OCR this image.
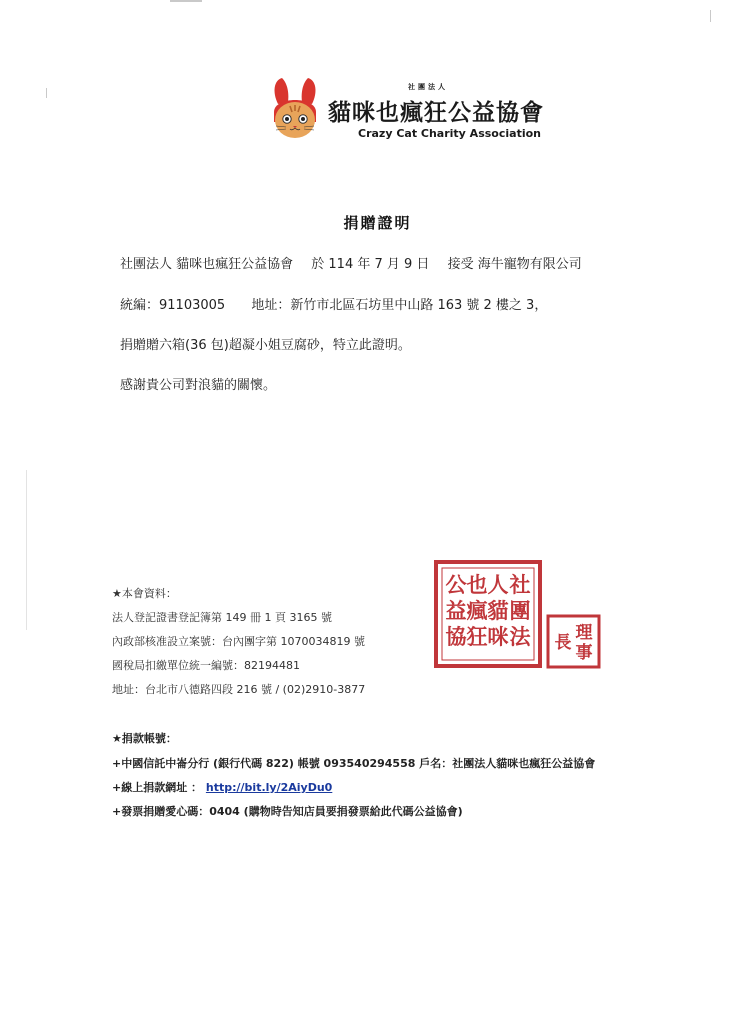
社團法人
貓咪也瘋狂公益協會
Crazy Cat Charity Association
捐贈證明
社團法人 貓咪也瘋狂公益協會 於 114 年 7 月 9 日 接受 海牛寵物有限公司
統編：91103005 地址：新竹市北區石坊里中山路 163 號 2 樓之 3，
捐贈贈六箱(36 包)超凝小姐豆腐砂，特立此證明。
感謝貴公司對浪貓的關懷。
★本會資料：
法人登記證書登記簿第 149 冊 1 頁 3165 號
內政部核准設立案號：台內團字第 1070034819 號
國稅局扣繳單位統一編號：82194481
地址：台北市八德路四段 216 號 / (02)2910-3877
★捐款帳號：
+中國信託中崙分行 (銀行代碼 822) 帳號 093540294558 戶名：社團法人貓咪也瘋狂公益協會
+線上捐款網址 ： http://bit.ly/2AiyDu0
+發票捐贈愛心碼：0404 (購物時告知店員要捐發票給此代碼公益協會)
社
團
法
人
貓
咪
也
瘋
狂
公
益
協	理
事
長
